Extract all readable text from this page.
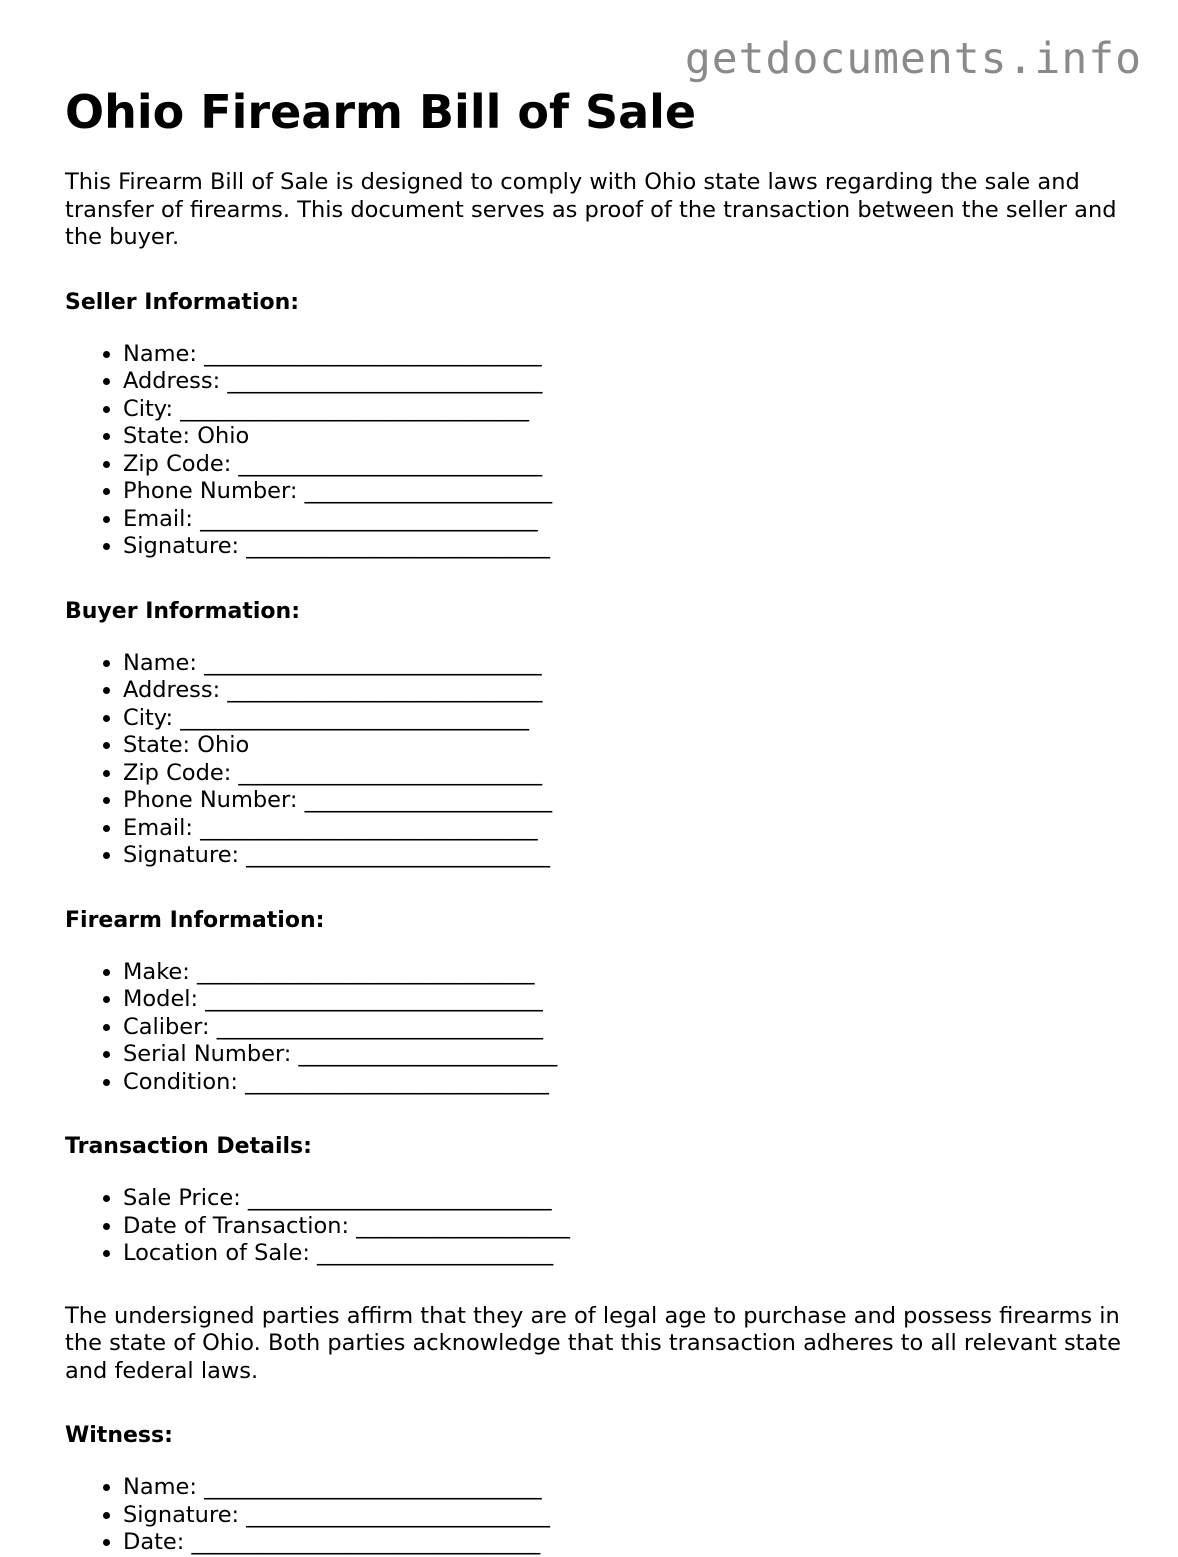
getdocuments.info
Ohio Firearm Bill of Sale

This Firearm Bill of Sale is designed to comply with Ohio state laws regarding the sale and transfer of firearms. This document serves as proof of the transaction between the seller and the buyer.

Seller Information:
• Name: ______________________________
• Address: ____________________________
• City: _______________________________
• State: Ohio
• Zip Code: ___________________________
• Phone Number: ______________________
• Email: ______________________________
• Signature: ___________________________
Buyer Information:
• Name: ______________________________
• Address: ____________________________
• City: _______________________________
• State: Ohio
• Zip Code: ___________________________
• Phone Number: ______________________
• Email: ______________________________
• Signature: ___________________________
Firearm Information:
• Make: ______________________________
• Model: ______________________________
• Caliber: _____________________________
• Serial Number: _______________________
• Condition: ___________________________
Transaction Details:
• Sale Price: ___________________________
• Date of Transaction: ___________________
• Location of Sale: _____________________

The undersigned parties affirm that they are of legal age to purchase and possess firearms in the state of Ohio. Both parties acknowledge that this transaction adheres to all relevant state and federal laws.

Witness:
• Name: ______________________________
• Signature: ___________________________
• Date: _______________________________
